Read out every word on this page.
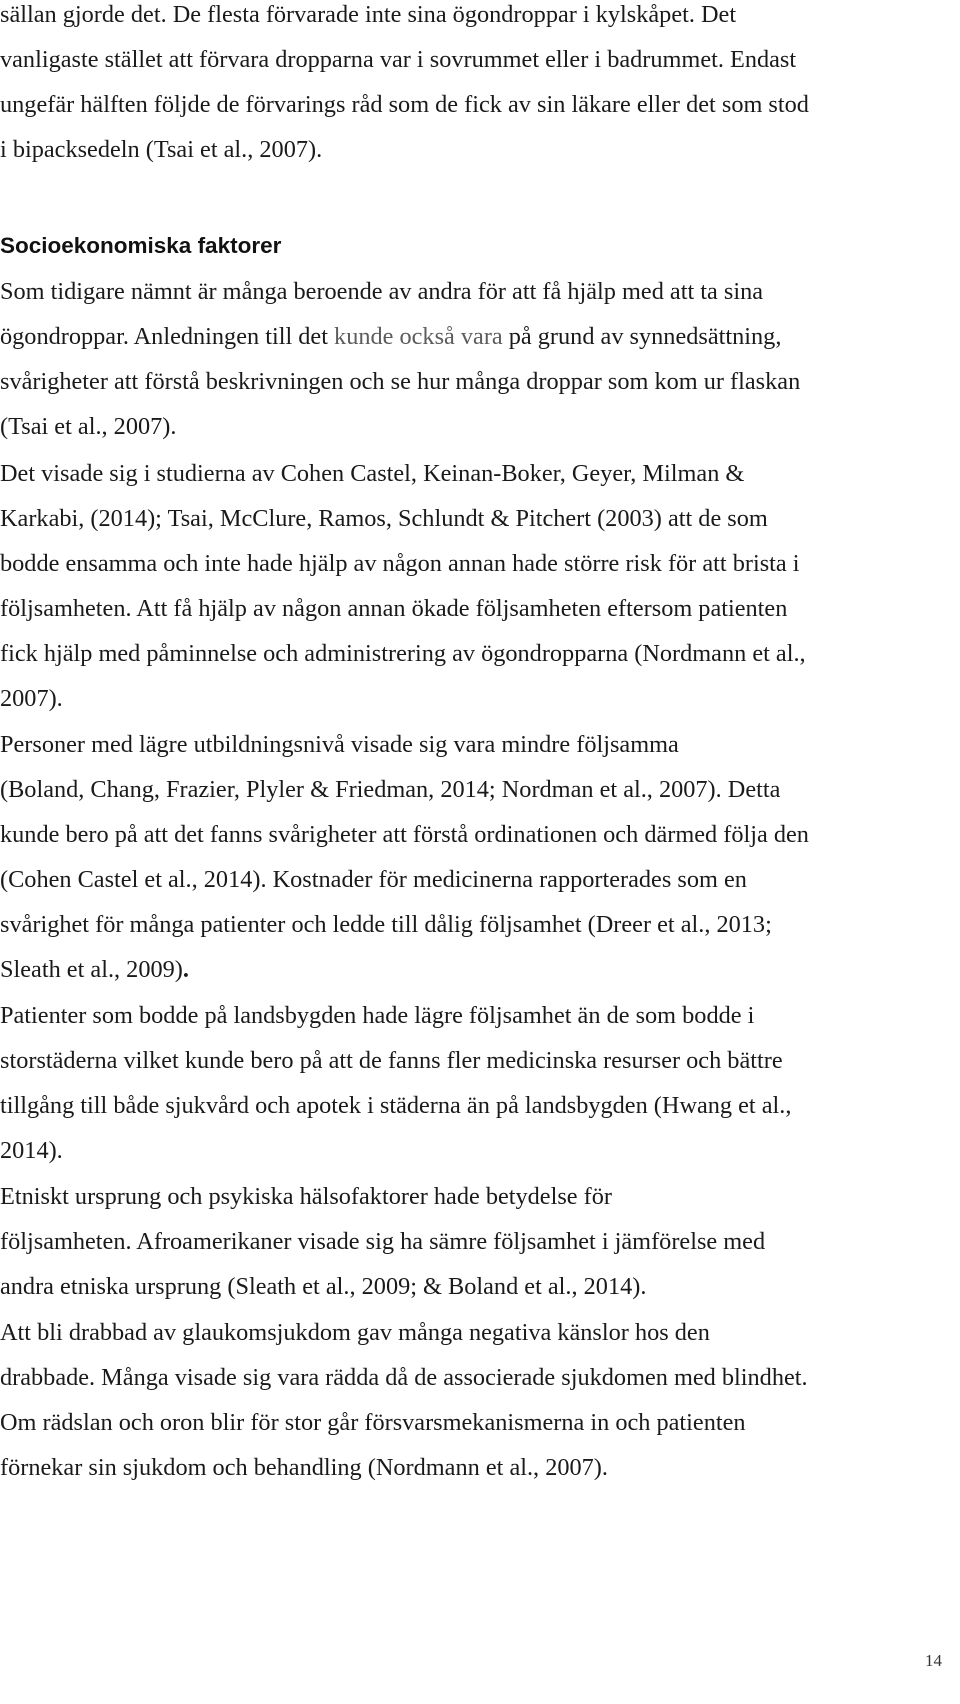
sällan gjorde det. De flesta förvarade inte sina ögondroppar i kylskåpet. Det
vanligaste stället att förvara dropparna var i sovrummet eller i badrummet. Endast
ungefär hälften följde de förvarings råd som de fick av sin läkare eller det som stod
i bipacksedeln (Tsai et al., 2007).
Socioekonomiska faktorer
Som tidigare nämnt är många beroende av andra för att få hjälp med att ta sina
ögondroppar. Anledningen till det kunde också vara på grund av synnedsättning,
svårigheter att förstå beskrivningen och se hur många droppar som kom ur flaskan
(Tsai et al., 2007).
Det visade sig i studierna av Cohen Castel, Keinan-Boker, Geyer, Milman &
Karkabi, (2014); Tsai, McClure, Ramos, Schlundt & Pitchert (2003) att de som
bodde ensamma och inte hade hjälp av någon annan hade större risk för att brista i
följsamheten. Att få hjälp av någon annan ökade följsamheten eftersom patienten
fick hjälp med påminnelse och administrering av ögondropparna (Nordmann et al.,
2007).
Personer med lägre utbildningsnivå visade sig vara mindre följsamma
(Boland, Chang, Frazier, Plyler & Friedman, 2014; Nordman et al., 2007). Detta
kunde bero på att det fanns svårigheter att förstå ordinationen och därmed följa den
(Cohen Castel et al., 2014). Kostnader för medicinerna rapporterades som en
svårighet för många patienter och ledde till dålig följsamhet (Dreer et al., 2013;
Sleath et al., 2009).
Patienter som bodde på landsbygden hade lägre följsamhet än de som bodde i
storstäderna vilket kunde bero på att de fanns fler medicinska resurser och bättre
tillgång till både sjukvård och apotek i städerna än på landsbygden (Hwang et al.,
2014).
Etniskt ursprung och psykiska hälsofaktorer hade betydelse för
följsamheten. Afroamerikaner visade sig ha sämre följsamhet i jämförelse med
andra etniska ursprung (Sleath et al., 2009; & Boland et al., 2014).
Att bli drabbad av glaukomsjukdom gav många negativa känslor hos den
drabbade. Många visade sig vara rädda då de associerade sjukdomen med blindhet.
Om rädslan och oron blir för stor går försvarsmekanismerna in och patienten
förnekar sin sjukdom och behandling (Nordmann et al., 2007).
14
